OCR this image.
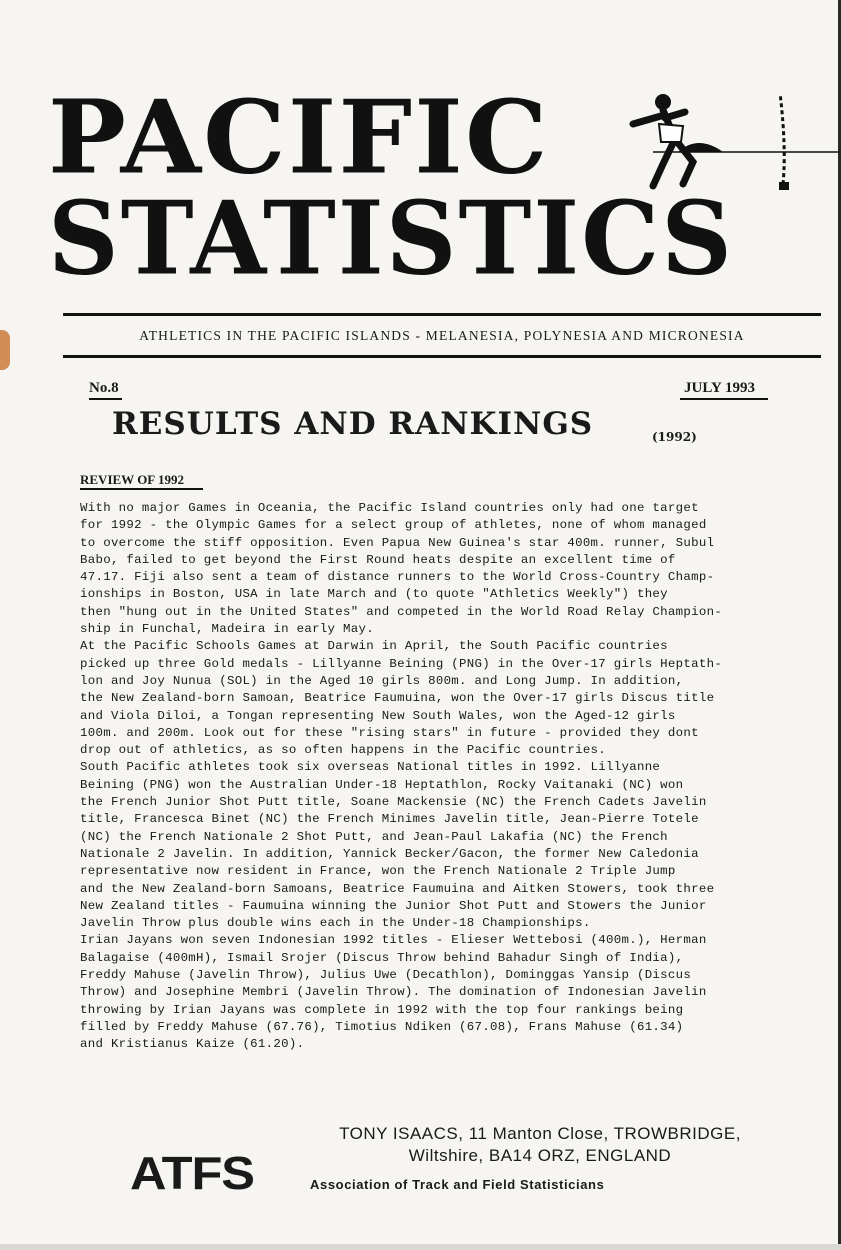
PACIFIC
STATISTICS
ATHLETICS IN THE PACIFIC ISLANDS - MELANESIA, POLYNESIA AND MICRONESIA
No.8	JULY 1993
RESULTS AND RANKINGS	(1992)
REVIEW OF 1992
With no major Games in Oceania, the Pacific Island countries only had one target
for 1992 - the Olympic Games for a select group of athletes, none of whom managed
to overcome the stiff opposition. Even Papua New Guinea's star 400m. runner, Subul
Babo, failed to get beyond the First Round heats despite an excellent time of
47.17. Fiji also sent a team of distance runners to the World Cross-Country Champ-
ionships in Boston, USA in late March and (to quote "Athletics Weekly") they
then "hung out in the United States" and competed in the World Road Relay Champion-
ship in Funchal, Madeira in early May.
At the Pacific Schools Games at Darwin in April, the South Pacific countries
picked up three Gold medals - Lillyanne Beining (PNG) in the Over-17 girls Heptath-
lon and Joy Nunua (SOL) in the Aged 10 girls 800m. and Long Jump. In addition,
the New Zealand-born Samoan, Beatrice Faumuina, won the Over-17 girls Discus title
and Viola Diloi, a Tongan representing New South Wales, won the Aged-12 girls
100m. and 200m. Look out for these "rising stars" in future - provided they dont
drop out of athletics, as so often happens in the Pacific countries.
South Pacific athletes took six overseas National titles in 1992. Lillyanne
Beining (PNG) won the Australian Under-18 Heptathlon, Rocky Vaitanaki (NC) won
the French Junior Shot Putt title, Soane Mackensie (NC) the French Cadets Javelin
title, Francesca Binet (NC) the French Minimes Javelin title, Jean-Pierre Totele
(NC) the French Nationale 2 Shot Putt, and Jean-Paul Lakafia (NC) the French
Nationale 2 Javelin. In addition, Yannick Becker/Gacon, the former New Caledonia
representative now resident in France, won the French Nationale 2 Triple Jump
and the New Zealand-born Samoans, Beatrice Faumuina and Aitken Stowers, took three
New Zealand titles - Faumuina winning the Junior Shot Putt and Stowers the Junior
Javelin Throw plus double wins each in the Under-18 Championships.
Irian Jayans won seven Indonesian 1992 titles - Elieser Wettebosi (400m.), Herman
Balagaise (400mH), Ismail Srojer (Discus Throw behind Bahadur Singh of India),
Freddy Mahuse (Javelin Throw), Julius Uwe (Decathlon), Dominggas Yansip (Discus
Throw) and Josephine Membri (Javelin Throw). The domination of Indonesian Javelin
throwing by Irian Jayans was complete in 1992 with the top four rankings being
filled by Freddy Mahuse (67.76), Timotius Ndiken (67.08), Frans Mahuse (61.34)
and Kristianus Kaize (61.20).
TONY ISAACS, 11 Manton Close, TROWBRIDGE,
Wiltshire, BA14 ORZ, ENGLAND
ATFS	Association of Track and Field Statisticians
